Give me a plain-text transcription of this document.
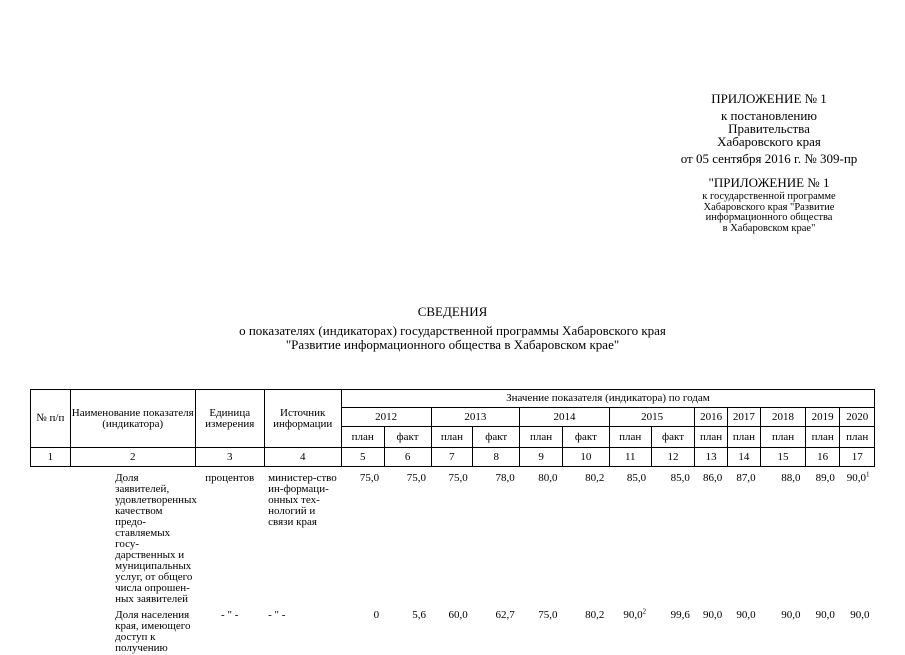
ПРИЛОЖЕНИЕ № 1
к постановлению
Правительства
Хабаровского края
от 05 сентября 2016 г. № 309-пр
"ПРИЛОЖЕНИЕ № 1
к государственной программе
Хабаровского края "Развитие
информационного общества
в Хабаровском крае"
СВЕДЕНИЯ
о показателях (индикаторах) государственной программы Хабаровского края
"Развитие информационного общества в Хабаровском крае"
№ п/п	Наименование показателя (индикатора)	Единица измерения	Источник информации	Значение показателя (индикатора) по годам												
				2012		2013		2014		2015		2016	2017	2018	2019	2020
				план	факт	план	факт	план	факт	план	факт	план	план	план	план	план
1	2	3	4	5	6	7	8	9	10	11	12	13	14	15	16	17
	Доля заявителей, удовлетворенных качеством предо-ставляемых госу-дарственных и муниципальных услуг, от общего числа опрошен-ных заявителей	процентов	министер-ство ин-формаци-онных тех-нологий и связи края	75,0	75,0	75,0	78,0	80,0	80,2	85,0	85,0	86,0	87,0	88,0	89,0	90,0$^1$
	Доля населения края, имеющего доступ к получению	- " -	- " -	0	5,6	60,0	62,7	75,0	80,2	90,0$^2$	99,6	90,0	90,0	90,0	90,0	90,0
